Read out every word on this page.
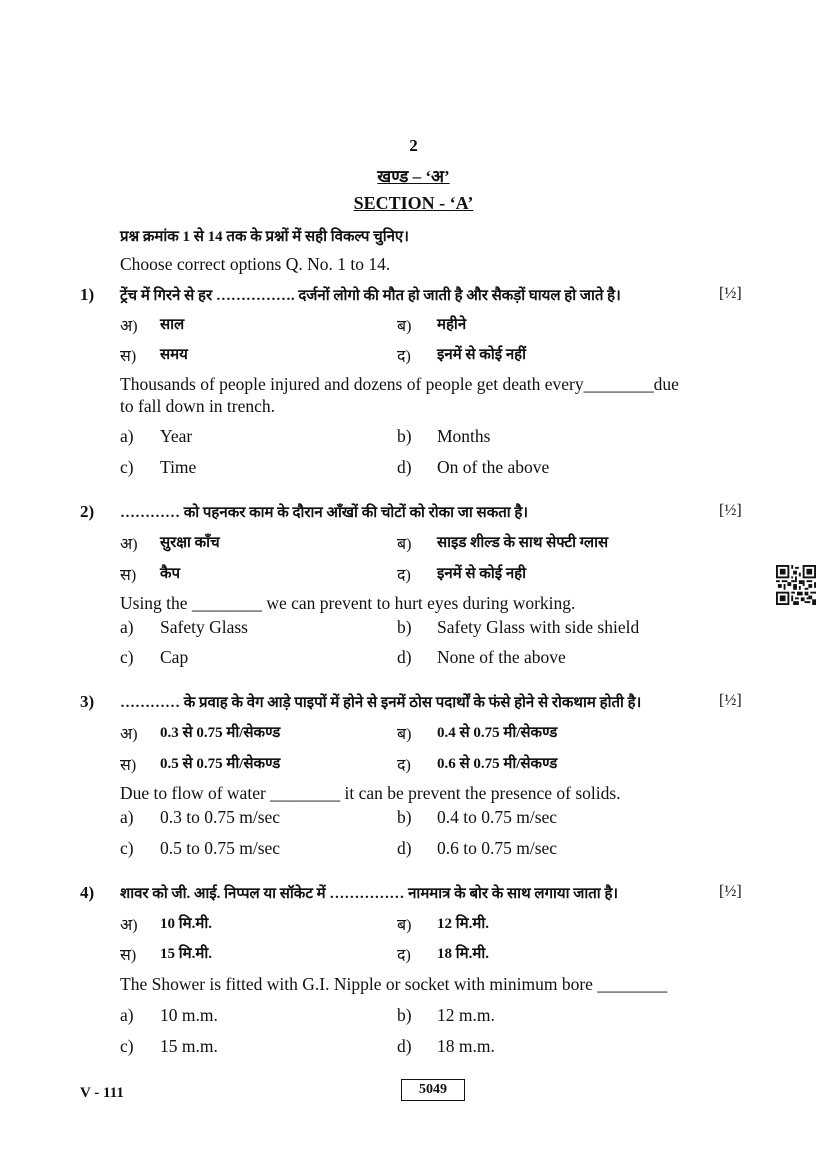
2
खण्ड – ‘अ’
SECTION - ‘A’
प्रश्न क्रमांक 1 से 14 तक के प्रश्नों में सही विकल्प चुनिए।
Choose correct options Q. No. 1 to 14.
1) ट्रेंच में गिरने से हर ……………. दर्जनों लोगो की मौत हो जाती है और सैकड़ों घायल हो जाते है।	[½]
अ) साल	ब) महीने
स) समय	द) इनमें से कोई नहीं
Thousands of people injured and dozens of people get death every________due
to fall down in trench.
a) Year	b) Months
c) Time	d) On of the above
2) ………… को पहनकर काम के दौरान आँखों की चोटों को रोका जा सकता है।	[½]
अ) सुरक्षा काँच	ब) साइड शील्ड के साथ सेफ्टी ग्लास
स) कैप	द) इनमें से कोई नही
Using the ________ we can prevent to hurt eyes during working.
a) Safety Glass	b) Safety Glass with side shield
c) Cap	d) None of the above
3) ………… के प्रवाह के वेग आड़े पाइपों में होने से इनमें ठोस पदार्थों के फंसे होने से रोकथाम होती है।	[½]
अ) 0.3 से 0.75 मी/सेकण्ड	ब) 0.4 से 0.75 मी/सेकण्ड
स) 0.5 से 0.75 मी/सेकण्ड	द) 0.6 से 0.75 मी/सेकण्ड
Due to flow of water ________ it can be prevent the presence of solids.
a) 0.3 to 0.75 m/sec	b) 0.4 to 0.75 m/sec
c) 0.5 to 0.75 m/sec	d) 0.6 to 0.75 m/sec
4) शावर को जी. आई. निप्पल या सॉकेट में …………… नाममात्र के बोर के साथ लगाया जाता है।	[½]
अ) 10 मि.मी.	ब) 12 मि.मी.
स) 15 मि.मी.	द) 18 मि.मी.
The Shower is fitted with G.I. Nipple or socket with minimum bore ________
a) 10 m.m.	b) 12 m.m.
c) 15 m.m.	d) 18 m.m.
V - 111	5049
